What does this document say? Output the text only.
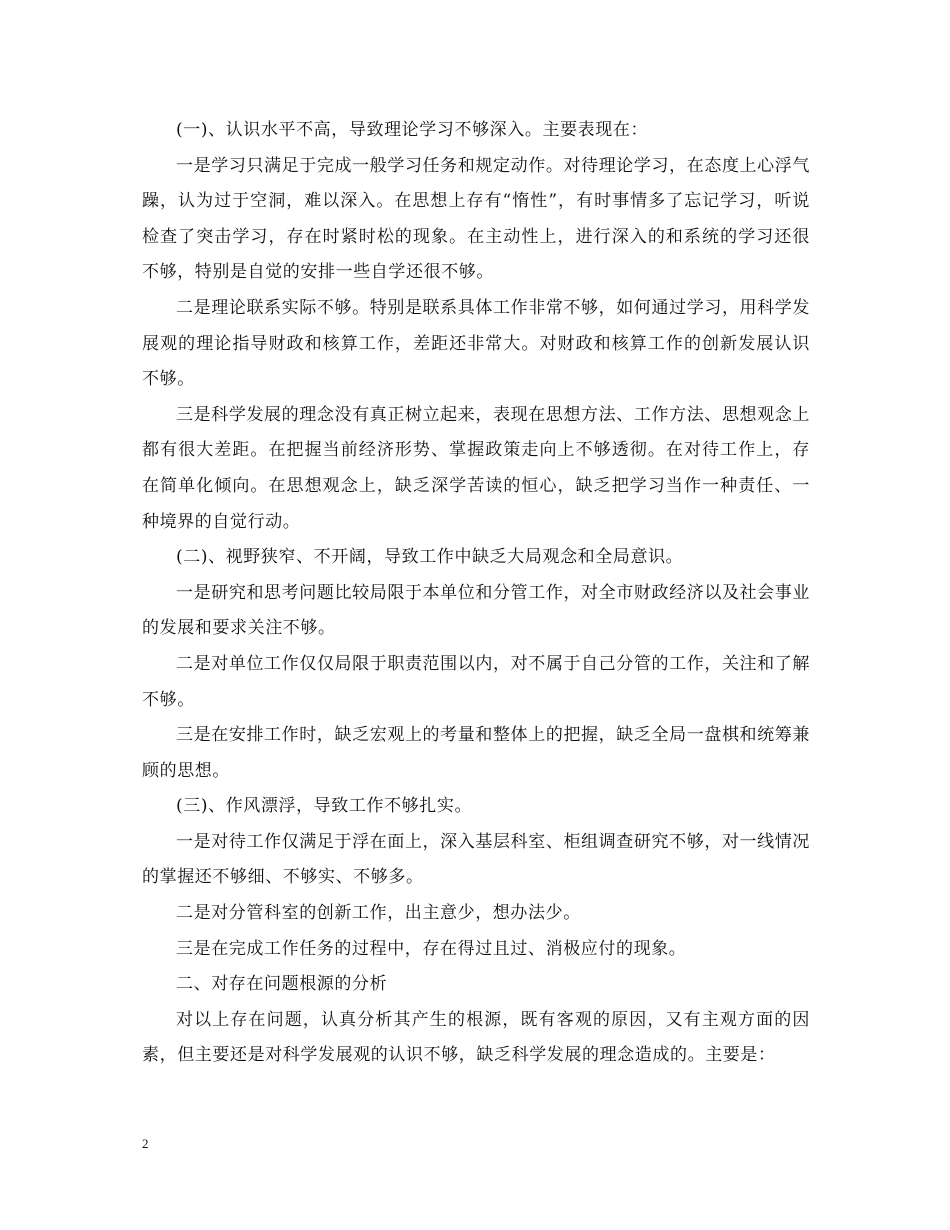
(一)、认识水平不高，导致理论学习不够深入。主要表现在：

一是学习只满足于完成一般学习任务和规定动作。对待理论学习，在态度上心浮气躁，认为过于空洞，难以深入。在思想上存有“惰性”，有时事情多了忘记学习，听说检查了突击学习，存在时紧时松的现象。在主动性上，进行深入的和系统的学习还很不够，特别是自觉的安排一些自学还很不够。

二是理论联系实际不够。特别是联系具体工作非常不够，如何通过学习，用科学发展观的理论指导财政和核算工作，差距还非常大。对财政和核算工作的创新发展认识不够。

三是科学发展的理念没有真正树立起来，表现在思想方法、工作方法、思想观念上都有很大差距。在把握当前经济形势、掌握政策走向上不够透彻。在对待工作上，存在简单化倾向。在思想观念上，缺乏深学苦读的恒心，缺乏把学习当作一种责任、一种境界的自觉行动。

(二)、视野狭窄、不开阔，导致工作中缺乏大局观念和全局意识。

一是研究和思考问题比较局限于本单位和分管工作，对全市财政经济以及社会事业的发展和要求关注不够。

二是对单位工作仅仅局限于职责范围以内，对不属于自己分管的工作，关注和了解不够。

三是在安排工作时，缺乏宏观上的考量和整体上的把握，缺乏全局一盘棋和统筹兼顾的思想。

(三)、作风漂浮，导致工作不够扎实。

一是对待工作仅满足于浮在面上，深入基层科室、柜组调查研究不够，对一线情况的掌握还不够细、不够实、不够多。

二是对分管科室的创新工作，出主意少，想办法少。

三是在完成工作任务的过程中，存在得过且过、消极应付的现象。

二、对存在问题根源的分析

对以上存在问题，认真分析其产生的根源，既有客观的原因，又有主观方面的因素，但主要还是对科学发展观的认识不够，缺乏科学发展的理念造成的。主要是：

2
